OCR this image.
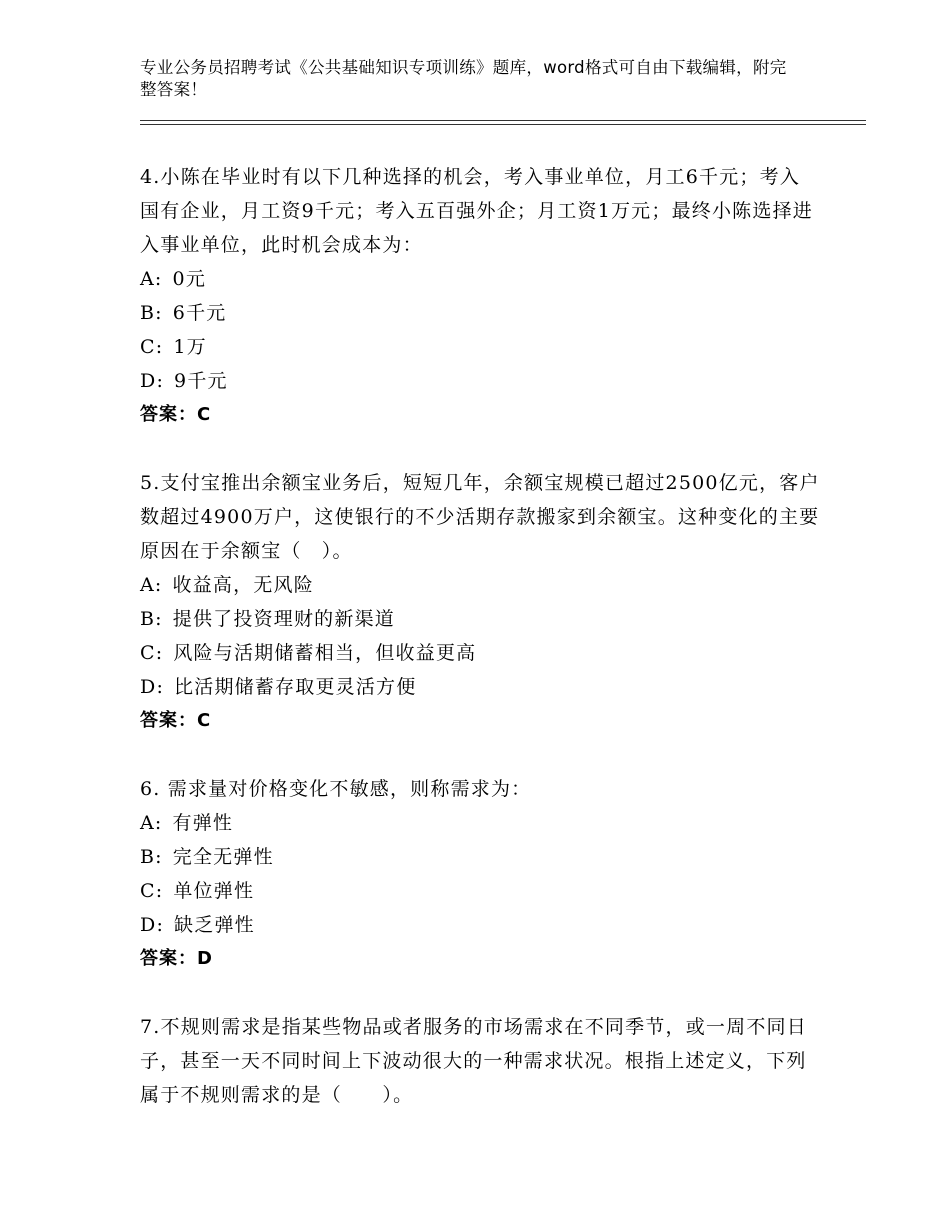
专业公务员招聘考试《公共基础知识专项训练》题库，word格式可自由下载编辑，附完整答案！

4.小陈在毕业时有以下几种选择的机会，考入事业单位，月工6千元；考入国有企业，月工资9千元；考入五百强外企；月工资1万元；最终小陈选择进入事业单位，此时机会成本为：

A: 0元

B: 6千元

C: 1万

D: 9千元

答案：C

5.支付宝推出余额宝业务后，短短几年，余额宝规模已超过2500亿元，客户数超过4900万户，这使银行的不少活期存款搬家到余额宝。这种变化的主要原因在于余额宝（　）。

A: 收益高，无风险

B: 提供了投资理财的新渠道

C: 风险与活期储蓄相当，但收益更高

D: 比活期储蓄存取更灵活方便

答案：C

6. 需求量对价格变化不敏感，则称需求为：

A: 有弹性

B: 完全无弹性

C: 单位弹性

D: 缺乏弹性

答案：D

7.不规则需求是指某些物品或者服务的市场需求在不同季节，或一周不同日子，甚至一天不同时间上下波动很大的一种需求状况。根指上述定义，下列属于不规则需求的是（　　）。
